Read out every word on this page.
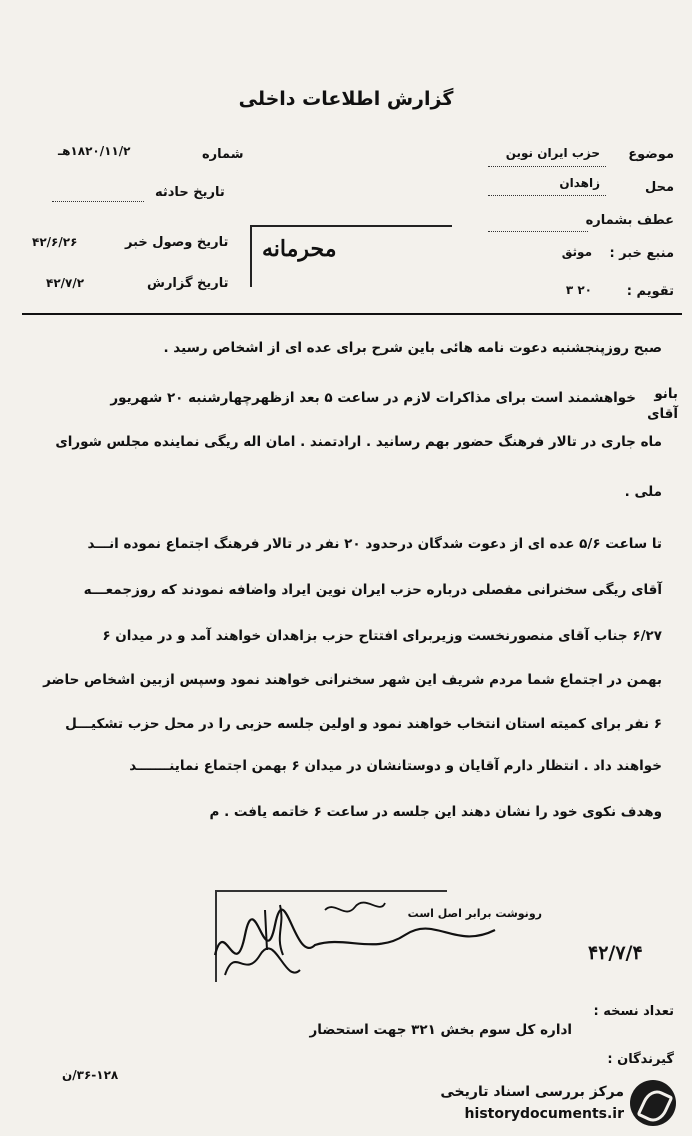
گزارش اطلاعات داخلی
موضوع
حزب ایران نوین
محل
زاهدان
عطف بشماره
منبع خبر :
موثق
تقویم :
۲۰ ۳
شماره
۱۸۲۰/۱۱/۲هـ
تاریخ حادثه
تاریخ وصول خبر
۴۲/۶/۲۶
تاریخ گزارش
۴۲/۷/۲
محرمانه
صبح روزپنجشنبه دعوت نامه هائی باین شرح برای عده ای از اشخاص رسید .
بانو
آقای
خواهشمند است برای مذاکرات لازم در ساعت ۵ بعد ازظهرچهارشنبه ۲۰ شهریور
ماه جاری در تالار فرهنگ حضور بهم رسانید . ارادتمند . امان اله ریگی نماینده مجلس شورای
ملی .
تا ساعت ۵/۶ عده ای از دعوت شدگان درحدود ۲۰ نفر در تالار فرهنگ اجتماع نموده انـــد
آقای ریگی سخنرانی مفصلی درباره حزب ایران نوین ایراد واضافه نمودند که روزجمعـــه
۶/۲۷ جناب آقای منصورنخست وزیربرای افتتاح حزب بزاهدان خواهند آمد و در میدان ۶
بهمن در اجتماع شما مردم شریف این شهر سخنرانی خواهند نمود وسپس ازبین اشخاص حاضر
۶ نفر برای کمیته استان انتخاب خواهند نمود و اولین جلسه حزبی را در محل حزب تشکیـــل
خواهند داد . انتظار دارم آقایان و دوستانشان در میدان ۶ بهمن اجتماع نماینـــــــد
وهدف نکوی خود را نشان دهند این جلسه در ساعت ۶ خاتمه یافت . م
رونوشت برابر اصل است
۴۲/۷/۴
تعداد نسخه :
گیرندگان :
اداره کل سوم بخش ۳۲۱ جهت استحضار
۳۶-۱۲۸/ن
مرکز بررسی اسناد تاریخی
historydocuments.ir
